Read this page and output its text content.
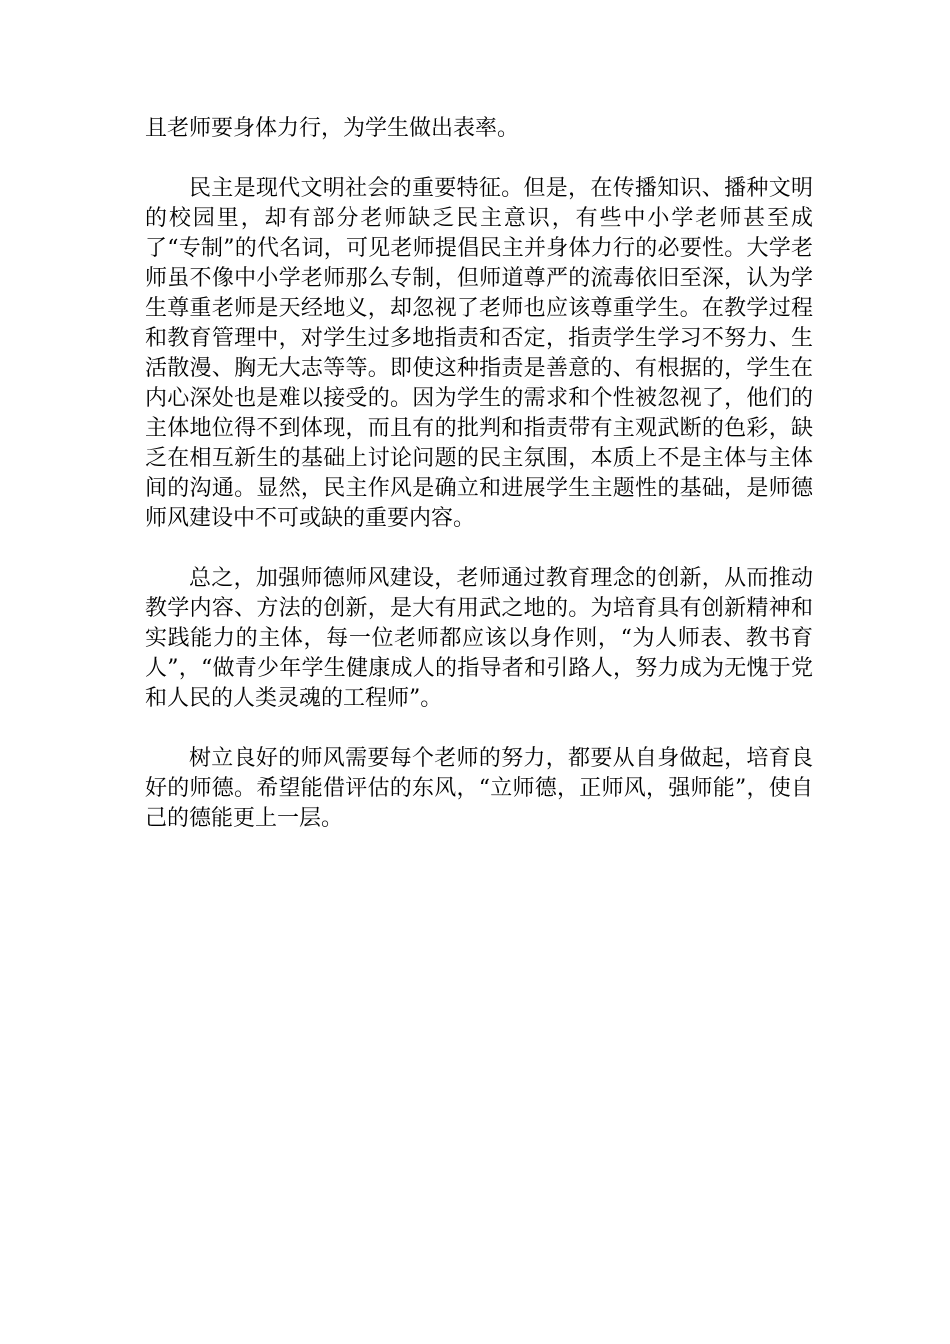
且老师要身体力行，为学生做出表率。

民主是现代文明社会的重要特征。但是，在传播知识、播种文明的校园里，却有部分老师缺乏民主意识，有些中小学老师甚至成了“专制”的代名词，可见老师提倡民主并身体力行的必要性。大学老师虽不像中小学老师那么专制，但师道尊严的流毒依旧至深，认为学生尊重老师是天经地义，却忽视了老师也应该尊重学生。在教学过程和教育管理中，对学生过多地指责和否定，指责学生学习不努力、生活散漫、胸无大志等等。即使这种指责是善意的、有根据的，学生在内心深处也是难以接受的。因为学生的需求和个性被忽视了，他们的主体地位得不到体现，而且有的批判和指责带有主观武断的色彩，缺乏在相互新生的基础上讨论问题的民主氛围，本质上不是主体与主体间的沟通。显然，民主作风是确立和进展学生主题性的基础，是师德师风建设中不可或缺的重要内容。

总之，加强师德师风建设，老师通过教育理念的创新，从而推动教学内容、方法的创新，是大有用武之地的。为培育具有创新精神和实践能力的主体，每一位老师都应该以身作则，“为人师表、教书育人”，“做青少年学生健康成人的指导者和引路人，努力成为无愧于党和人民的人类灵魂的工程师”。

树立良好的师风需要每个老师的努力，都要从自身做起，培育良好的师德。希望能借评估的东风，“立师德，正师风，强师能”，使自己的德能更上一层。
